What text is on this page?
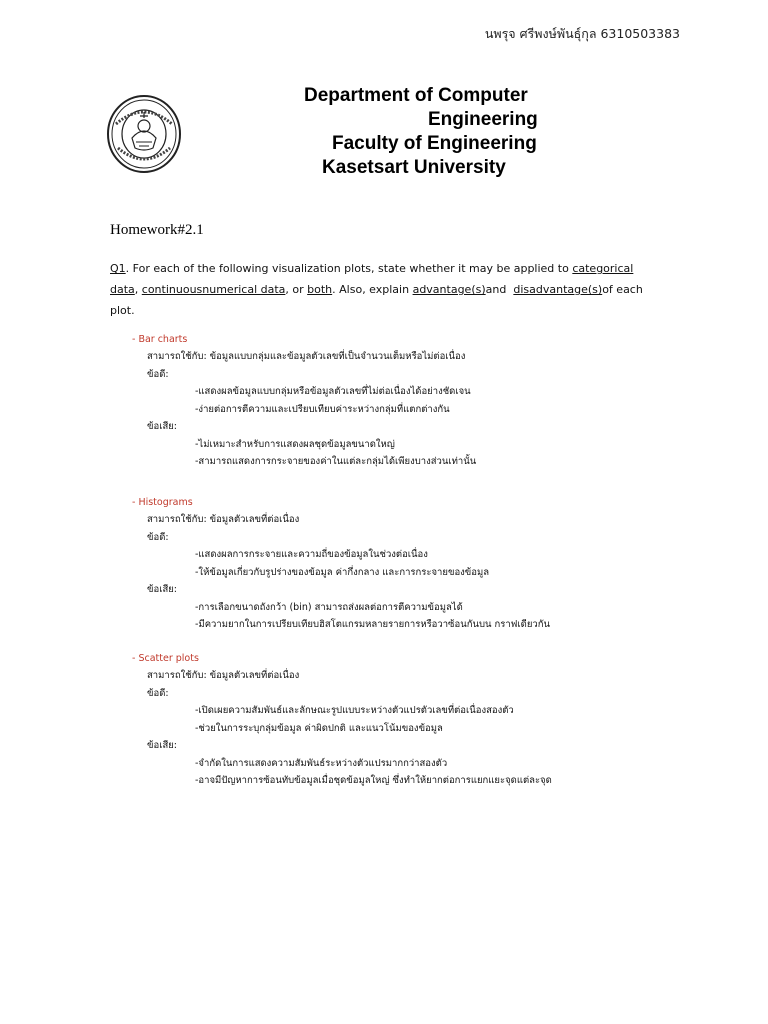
นพรุจ ศรีพงษ์พันธุ์กุล 6310503383
Department of Computer
Engineering
Faculty of Engineering
Kasetsart University
Homework#2.1
Q1. For each of the following visualization plots, state whether it may be applied to categorical
data, continuousnumerical data, or both. Also, explain advantage(s)and  disadvantage(s)of each plot.
- Bar charts
สามารถใช้กับ: ข้อมูลแบบกลุ่มและข้อมูลตัวเลขที่เป็นจำนวนเต็มหรือไม่ต่อเนื่อง
ข้อดี:
-แสดงผลข้อมูลแบบกลุ่มหรือข้อมูลตัวเลขที่ไม่ต่อเนื่องได้อย่างชัดเจน
-ง่ายต่อการตีความและเปรียบเทียบค่าระหว่างกลุ่มที่แตกต่างกัน
ข้อเสีย:
-ไม่เหมาะสำหรับการแสดงผลชุดข้อมูลขนาดใหญ่
-สามารถแสดงการกระจายของค่าในแต่ละกลุ่มได้เพียงบางส่วนเท่านั้น
- Histograms
สามารถใช้กับ: ข้อมูลตัวเลขที่ต่อเนื่อง
ข้อดี:
-แสดงผลการกระจายและความถี่ของข้อมูลในช่วงต่อเนื่อง
-ให้ข้อมูลเกี่ยวกับรูปร่างของข้อมูล ค่ากึ่งกลาง และการกระจายของข้อมูล
ข้อเสีย:
-การเลือกขนาดถังกว้า (bin) สามารถส่งผลต่อการตีความข้อมูลได้
-มีความยากในการเปรียบเทียบฮิสโตแกรมหลายรายการหรือวาซ้อนกันบน กราฟเดียวกัน
- Scatter plots
สามารถใช้กับ: ข้อมูลตัวเลขที่ต่อเนื่อง
ข้อดี:
-เปิดเผยความสัมพันธ์และลักษณะรูปแบบระหว่างตัวแปรตัวเลขที่ต่อเนื่องสองตัว
-ช่วยในการระบุกลุ่มข้อมูล ค่าผิดปกติ และแนวโน้มของข้อมูล
ข้อเสีย:
-จำกัดในการแสดงความสัมพันธ์ระหว่างตัวแปรมากกว่าสองตัว
-อาจมีปัญหาการซ้อนทับข้อมูลเมื่อชุดข้อมูลใหญ่ ซึ่งทำให้ยากต่อการแยกแยะจุดแต่ละจุด
